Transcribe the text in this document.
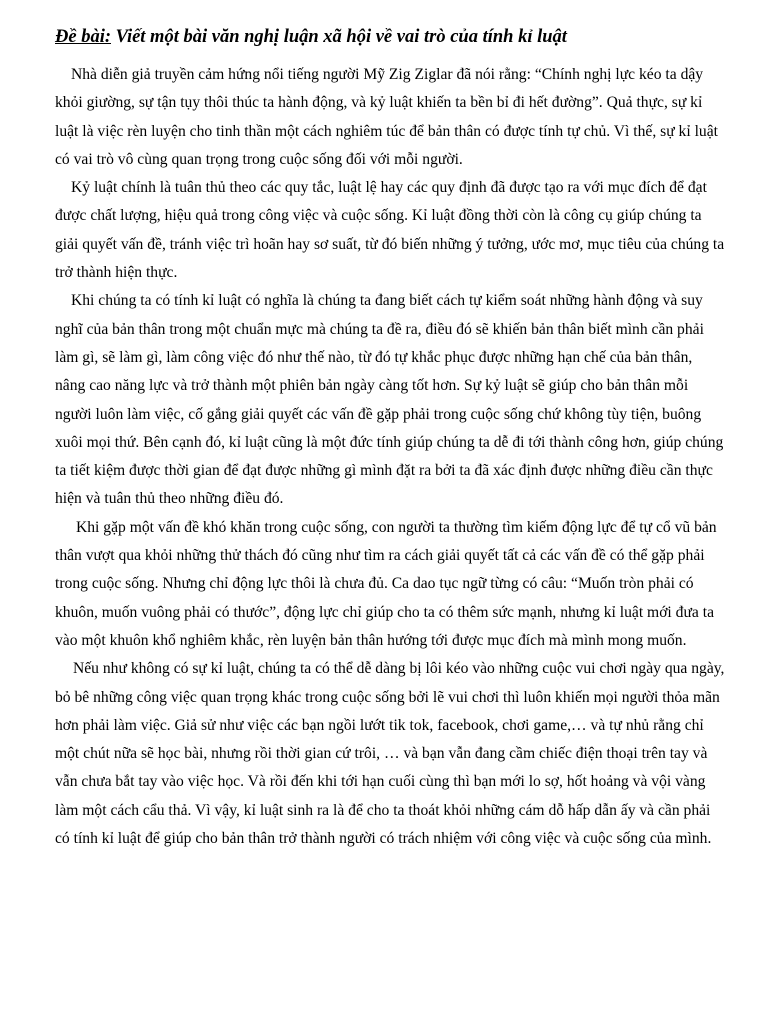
Đề bài: Viết một bài văn nghị luận xã hội về vai trò của tính kỉ luật

Nhà diễn giả truyền cảm hứng nổi tiếng người Mỹ Zig Ziglar đã nói rằng: “Chính nghị lực kéo ta dậy khỏi giường, sự tận tụy thôi thúc ta hành động, và kỷ luật khiến ta bền bỉ đi hết đường”. Quả thực, sự kỉ luật là việc rèn luyện cho tinh thần một cách nghiêm túc để bản thân có được tính tự chủ. Vì thế, sự kỉ luật có vai trò vô cùng quan trọng trong cuộc sống đối với mỗi người.

Kỷ luật chính là tuân thủ theo các quy tắc, luật lệ hay các quy định đã được tạo ra với mục đích để đạt được chất lượng, hiệu quả trong công việc và cuộc sống. Kỉ luật đồng thời còn là công cụ giúp chúng ta giải quyết vấn đề, tránh việc trì hoãn hay sơ suất, từ đó biến những ý tưởng, ước mơ, mục tiêu của chúng ta trở thành hiện thực.

Khi chúng ta có tính kỉ luật có nghĩa là chúng ta đang biết cách tự kiểm soát những hành động và suy nghĩ của bản thân trong một chuẩn mực mà chúng ta đề ra, điều đó sẽ khiến bản thân biết mình cần phải làm gì, sẽ làm gì, làm công việc đó như thế nào, từ đó tự khắc phục được những hạn chế của bản thân, nâng cao năng lực và trở thành một phiên bản ngày càng tốt hơn. Sự kỷ luật sẽ giúp cho bản thân mỗi người luôn làm việc, cố gắng giải quyết các vấn đề gặp phải trong cuộc sống chứ không tùy tiện, buông xuôi mọi thứ. Bên cạnh đó, kỉ luật cũng là một đức tính giúp chúng ta dễ đi tới thành công hơn, giúp chúng ta tiết kiệm được thời gian để đạt được những gì mình đặt ra bởi ta đã xác định được những điều cần thực hiện và tuân thủ theo những điều đó.

Khi gặp một vấn đề khó khăn trong cuộc sống, con người ta thường tìm kiếm động lực để tự cổ vũ bản thân vượt qua khỏi những thử thách đó cũng như tìm ra cách giải quyết tất cả các vấn đề có thể gặp phải trong cuộc sống. Nhưng chỉ động lực thôi là chưa đủ. Ca dao tục ngữ từng có câu: “Muốn tròn phải có khuôn, muốn vuông phải có thước”, động lực chỉ giúp cho ta có thêm sức mạnh, nhưng kỉ luật mới đưa ta vào một khuôn khổ nghiêm khắc, rèn luyện bản thân hướng tới được mục đích mà mình mong muốn.

Nếu như không có sự kỉ luật, chúng ta có thể dễ dàng bị lôi kéo vào những cuộc vui chơi ngày qua ngày, bỏ bê những công việc quan trọng khác trong cuộc sống bởi lẽ vui chơi thì luôn khiến mọi người thỏa mãn hơn phải làm việc. Giả sử như việc các bạn ngồi lướt tik tok, facebook, chơi game,… và tự nhủ rằng chỉ một chút nữa sẽ học bài, nhưng rồi thời gian cứ trôi, … và bạn vẫn đang cầm chiếc điện thoại trên tay và vẫn chưa bắt tay vào việc học. Và rồi đến khi tới hạn cuối cùng thì bạn mới lo sợ, hốt hoảng và vội vàng làm một cách cẩu thả. Vì vậy, kỉ luật sinh ra là để cho ta thoát khỏi những cám dỗ hấp dẫn ấy và cần phải có tính kỉ luật để giúp cho bản thân trở thành người có trách nhiệm với công việc và cuộc sống của mình.
